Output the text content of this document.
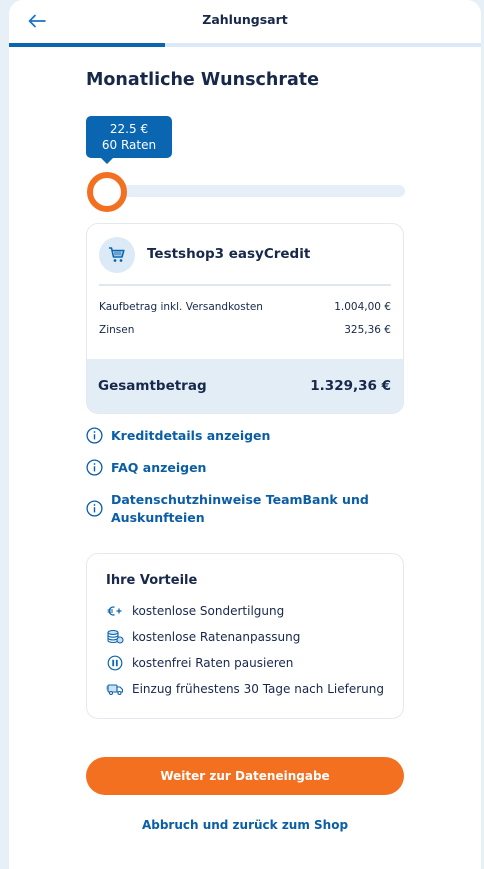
Zahlungsart
Monatliche Wunschrate
22.5 €
60 Raten
Testshop3 easyCredit
Kaufbetrag inkl. Versandkosten	1.004,00 €
Zinsen	325,36 €
Gesamtbetrag	1.329,36 €
Kreditdetails anzeigen
FAQ anzeigen
Datenschutzhinweise TeamBank und
Auskunfteien
Ihre Vorteile
kostenlose Sondertilgung
kostenlose Ratenanpassung
kostenfrei Raten pausieren
Einzug frühestens 30 Tage nach Lieferung
Weiter zur Dateneingabe
Abbruch und zurück zum Shop
